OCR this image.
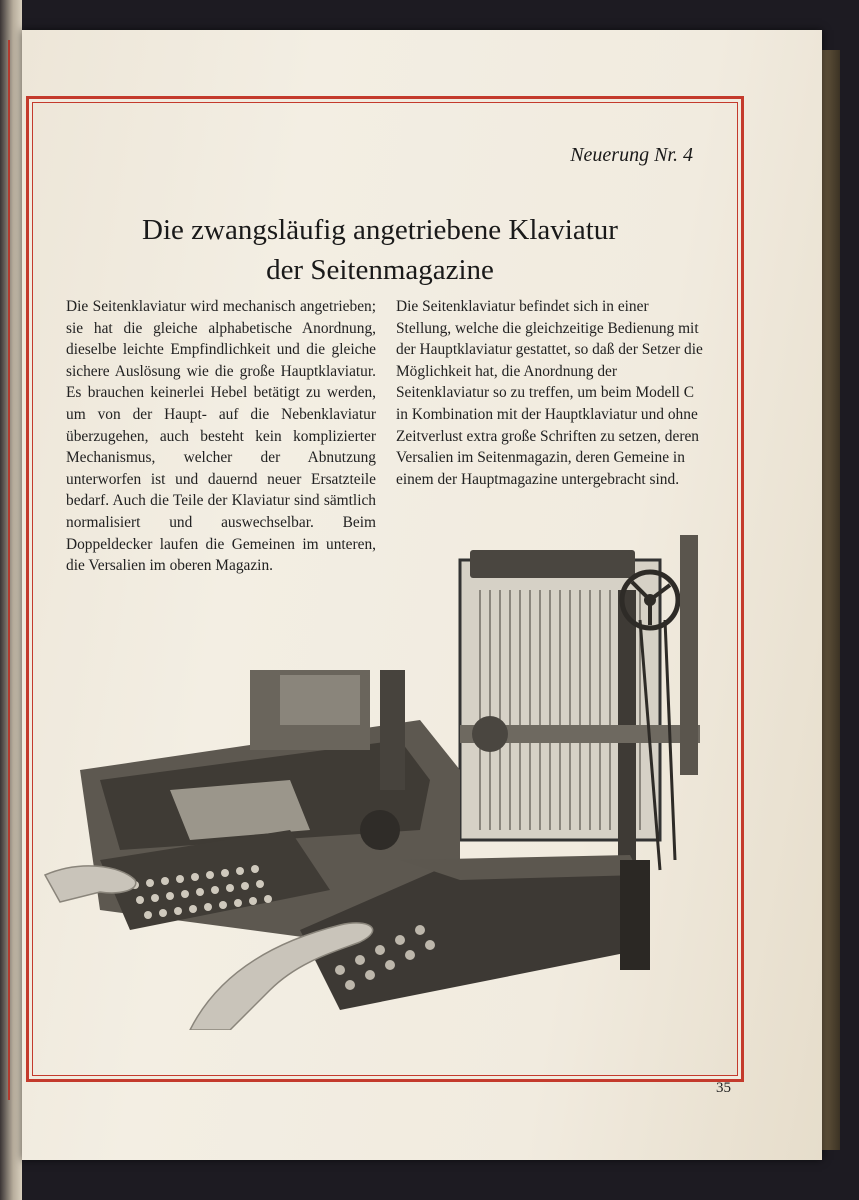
Neuerung Nr. 4
Die zwangsläufig angetriebene Klaviatur
der Seitenmagazine

Die Seitenklaviatur wird mechanisch angetrieben; sie hat die gleiche alphabetische Anordnung, dieselbe leichte Empfindlichkeit und die gleiche sichere Auslösung wie die große Hauptklaviatur. Es brauchen keinerlei Hebel betätigt zu werden, um von der Haupt- auf die Nebenklaviatur überzugehen, auch besteht kein komplizierter Mechanismus, welcher der Abnutzung unterworfen ist und dauernd neuer Ersatzteile bedarf. Auch die Teile der Klaviatur sind sämtlich normalisiert und auswechselbar. Beim Doppeldecker laufen die Gemeinen im unteren, die Versalien im oberen Magazin.

Die Seitenklaviatur befindet sich in einer Stellung, welche die gleichzeitige Bedienung mit der Hauptklaviatur gestattet, so daß der Setzer die Möglichkeit hat, die Anordnung der Seitenklaviatur so zu treffen, um beim Modell C in Kombination mit der Hauptklaviatur und ohne Zeitverlust extra große Schriften zu setzen, deren Versalien im Seitenmagazin, deren Gemeine in einem der Hauptmagazine untergebracht sind.

35
